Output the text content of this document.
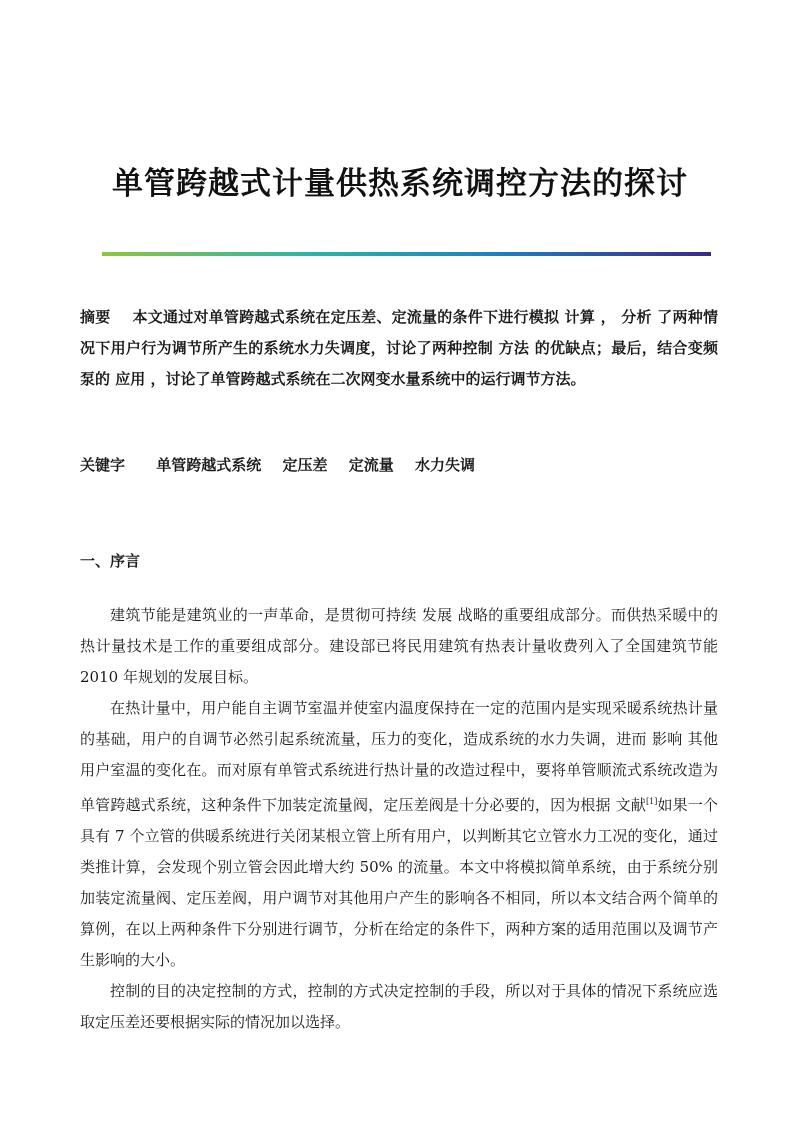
单管跨越式计量供热系统调控方法的探讨
摘要 本文通过对单管跨越式系统在定压差、定流量的条件下进行模拟 计算 ， 分析 了两种情况下用户行为调节所产生的系统水力失调度，讨论了两种控制 方法 的优缺点；最后，结合变频泵的 应用 ，讨论了单管跨越式系统在二次网变水量系统中的运行调节方法。
关键字 单管跨越式系统 定压差 定流量 水力失调
一、序言

建筑节能是建筑业的一声革命，是贯彻可持续 发展 战略的重要组成部分。而供热采暖中的热计量技术是工作的重要组成部分。建设部已将民用建筑有热表计量收费列入了全国建筑节能 2010 年规划的发展目标。

在热计量中，用户能自主调节室温并使室内温度保持在一定的范围内是实现采暖系统热计量的基础，用户的自调节必然引起系统流量，压力的变化，造成系统的水力失调，进而 影响 其他用户室温的变化在。而对原有单管式系统进行热计量的改造过程中，要将单管顺流式系统改造为单管跨越式系统，这种条件下加装定流量阀，定压差阀是十分必要的，因为根据 文献[1]如果一个具有 7 个立管的供暖系统进行关闭某根立管上所有用户，以判断其它立管水力工况的变化，通过类推计算，会发现个别立管会因此增大约 50% 的流量。本文中将模拟简单系统，由于系统分别加装定流量阀、定压差阀，用户调节对其他用户产生的影响各不相同，所以本文结合两个简单的算例，在以上两种条件下分别进行调节，分析在给定的条件下，两种方案的适用范围以及调节产生影响的大小。

控制的目的决定控制的方式，控制的方式决定控制的手段，所以对于具体的情况下系统应选取定压差还要根据实际的情况加以选择。
